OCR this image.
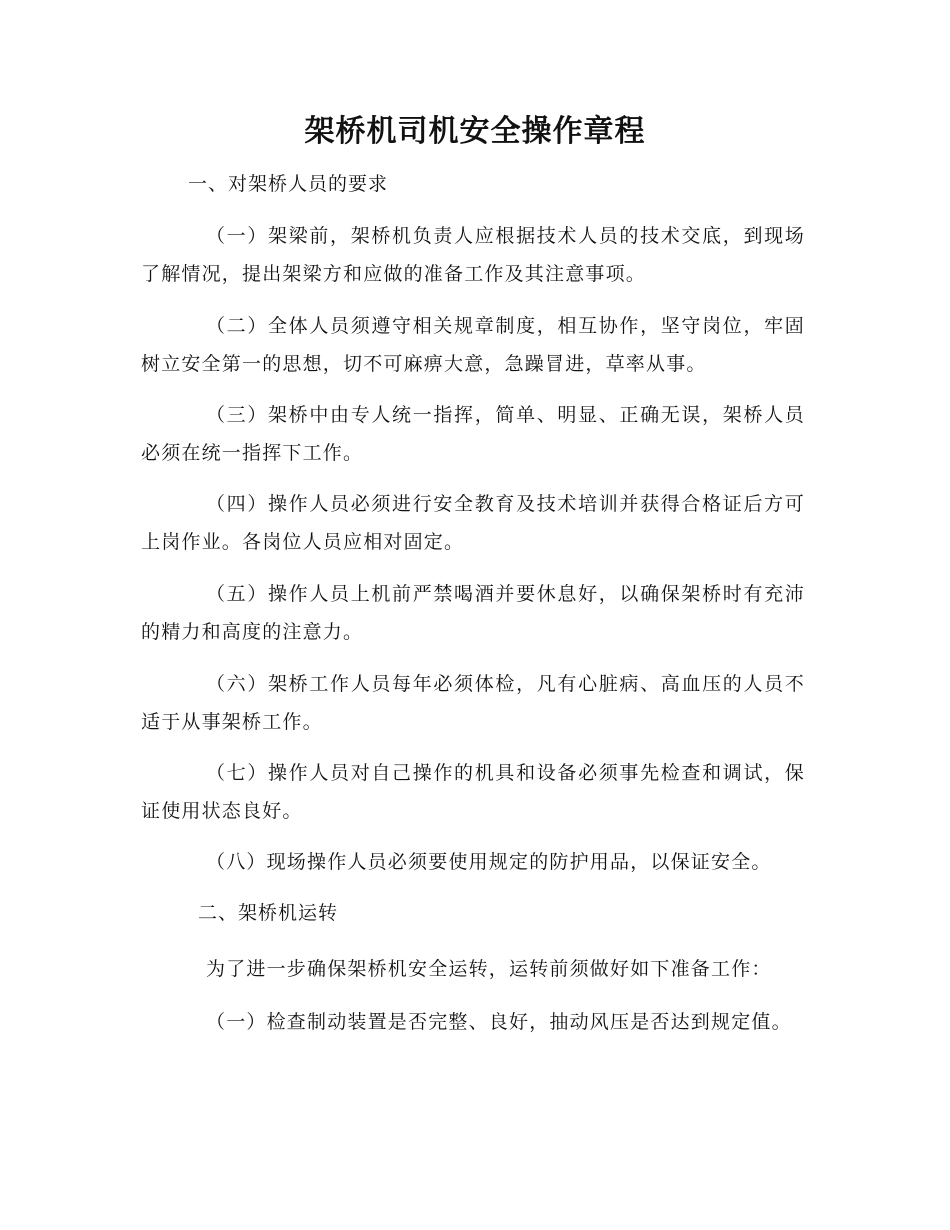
架桥机司机安全操作章程
一、对架桥人员的要求

（一）架梁前，架桥机负责人应根据技术人员的技术交底，到现场了解情况，提出架梁方和应做的准备工作及其注意事项。

（二）全体人员须遵守相关规章制度，相互协作，坚守岗位，牢固树立安全第一的思想，切不可麻痹大意，急躁冒进，草率从事。

（三）架桥中由专人统一指挥，简单、明显、正确无误，架桥人员必须在统一指挥下工作。

（四）操作人员必须进行安全教育及技术培训并获得合格证后方可上岗作业。各岗位人员应相对固定。

（五）操作人员上机前严禁喝酒并要休息好，以确保架桥时有充沛的精力和高度的注意力。

（六）架桥工作人员每年必须体检，凡有心脏病、高血压的人员不适于从事架桥工作。

（七）操作人员对自己操作的机具和设备必须事先检查和调试，保证使用状态良好。

（八）现场操作人员必须要使用规定的防护用品，以保证安全。

二、架桥机运转

为了进一步确保架桥机安全运转，运转前须做好如下准备工作：

（一）检查制动装置是否完整、良好，抽动风压是否达到规定值。
